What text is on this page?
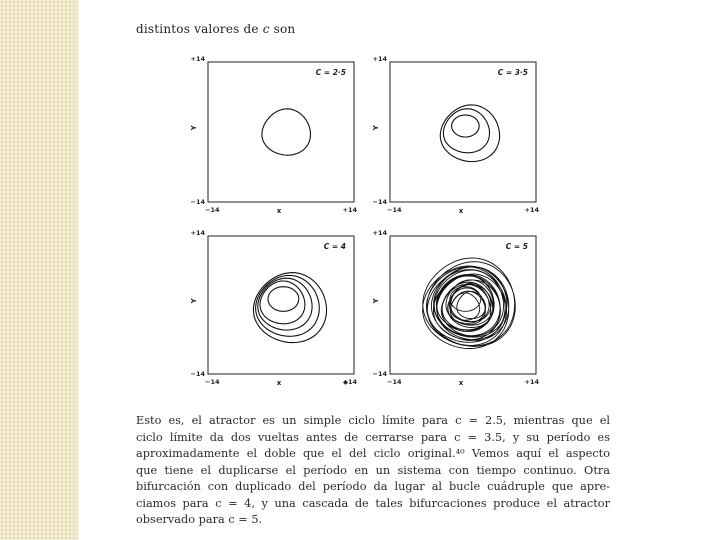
distintos valores de c son
+14
−14
−14	+14
x
Y
C = 2·5
+14
−14
−14	+14
x
Y
C = 3·5
+14
−14
−14	◆14
x
Y
C = 4
+14
−14
−14	+14
x
Y
C = 5
Esto es, el atractor es un simple ciclo límite para c = 2.5, mientras que el
ciclo límite da dos vueltas antes de cerrarse para c = 3.5, y su período es
aproximadamente el doble que el del ciclo original.⁴⁰ Vemos aquí el aspecto
que tiene el duplicarse el período en un sistema con tiempo continuo. Otra
bifurcación con duplicado del período da lugar al bucle cuádruple que apre-
ciamos para c = 4, y una cascada de tales bifurcaciones produce el atractor
observado para c = 5.
